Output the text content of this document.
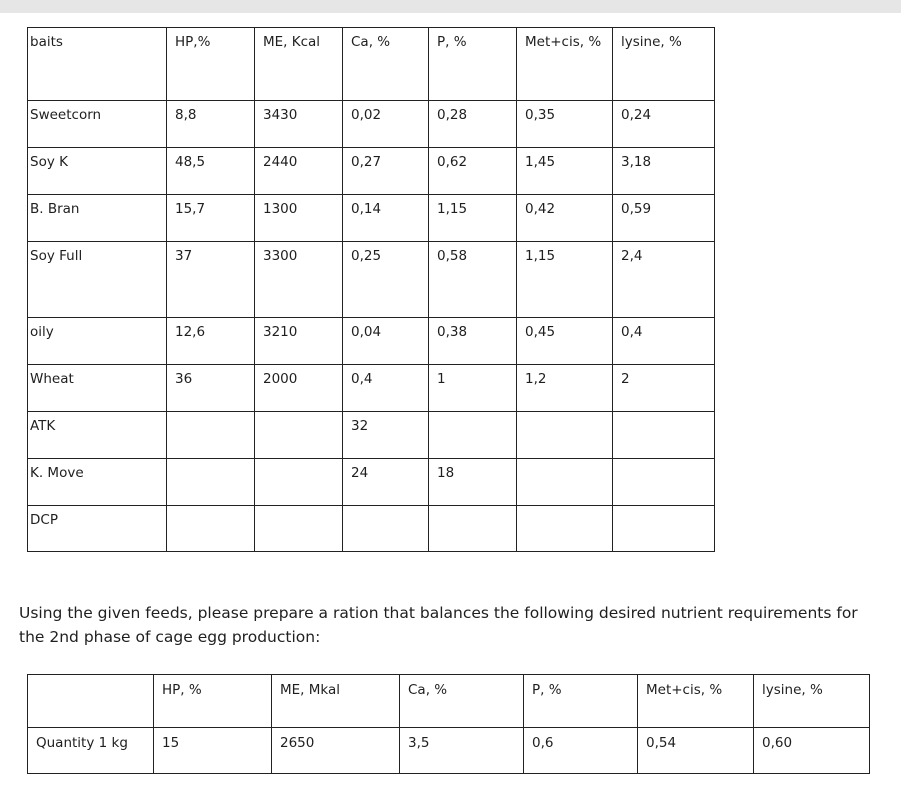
baits	HP,%	ME, Kcal	Ca, %	P, %	Met+cis, %	lysine, %
Sweetcorn	8,8	3430	0,02	0,28	0,35	0,24
Soy K	48,5	2440	0,27	0,62	1,45	3,18
B. Bran	15,7	1300	0,14	1,15	0,42	0,59
Soy Full	37	3300	0,25	0,58	1,15	2,4
oily	12,6	3210	0,04	0,38	0,45	0,4
Wheat	36	2000	0,4	1	1,2	2
ATK			32			
K. Move			24	18		
DCP						
Using the given feeds, please prepare a ration that balances the following desired nutrient requirements for the 2nd phase of cage egg production:
	HP, %	ME, Mkal	Ca, %	P, %	Met+cis, %	lysine, %
Quantity 1 kg	15	2650	3,5	0,6	0,54	0,60
